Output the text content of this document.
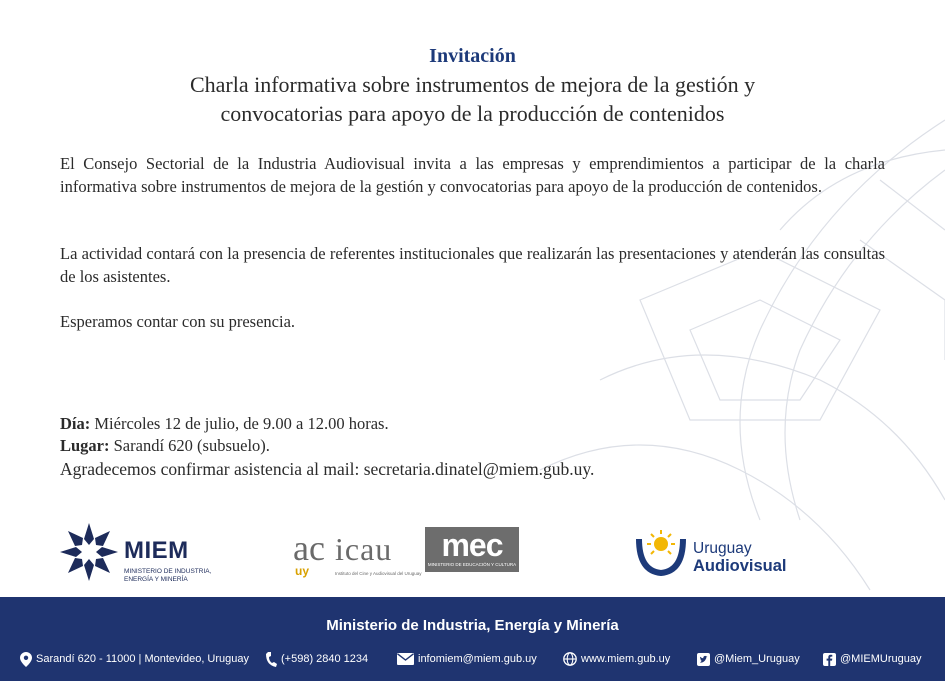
Invitación
Charla informativa sobre instrumentos de mejora de la gestión y
convocatorias para apoyo de la producción de contenidos

El Consejo Sectorial de la Industria Audiovisual invita a las empresas y emprendimientos a participar de la charla informativa sobre instrumentos de mejora de la gestión y convocatorias para apoyo de la producción de contenidos.

La actividad contará con la presencia de referentes institucionales que realizarán las presentaciones y atenderán las consultas de los asistentes.

Esperamos contar con su presencia.

Día: Miércoles 12 de julio, de 9.00 a 12.00 horas.
Lugar: Sarandí 620 (subsuelo).
Agradecemos confirmar asistencia al mail: secretaria.dinatel@miem.gub.uy.
MIEM
MINISTERIO DE INDUSTRIA, ENERGÍA Y MINERÍA
ac icau
uy	Instituto del Cine y Audiovisual del Uruguay
mec
MINISTERIO DE EDUCACIÓN Y CULTURA
Uruguay
Audiovisual
Ministerio de Industria, Energía y Minería
Sarandí 620 - 11000 | Montevideo, Uruguay	(+598) 2840 1234	infomiem@miem.gub.uy	www.miem.gub.uy	@Miem_Uruguay	@MIEMUruguay
